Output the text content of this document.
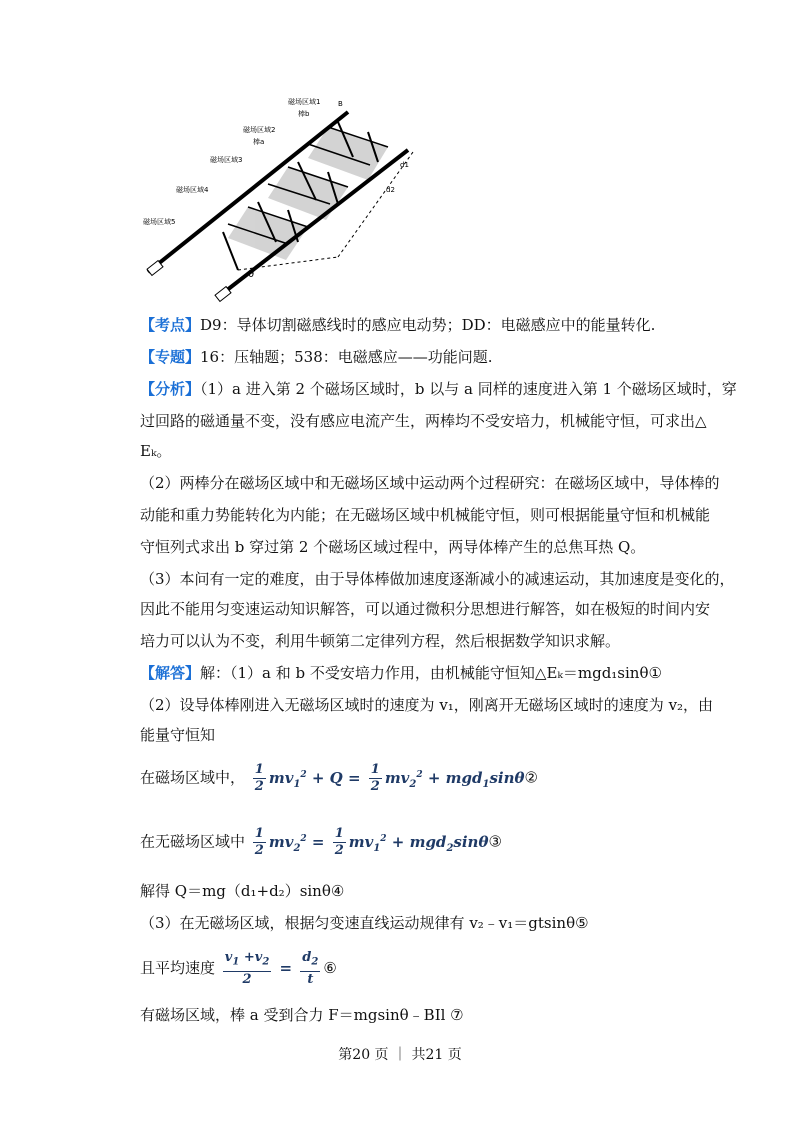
磁场区域1
磁场区域2
磁场区域3
磁场区域4
磁场区域5
棒b
棒a
B
d1
d2
θ
【考点】D9：导体切割磁感线时的感应电动势；DD：电磁感应中的能量转化.
【专题】16：压轴题；538：电磁感应——功能问题.
【分析】（1）a 进入第 2 个磁场区域时，b 以与 a 同样的速度进入第 1 个磁场区域时，穿
过回路的磁通量不变，没有感应电流产生，两棒均不受安培力，机械能守恒，可求出△
Eₖ。
（2）两棒分在磁场区域中和无磁场区域中运动两个过程研究：在磁场区域中，导体棒的
动能和重力势能转化为内能；在无磁场区域中机械能守恒，则可根据能量守恒和机械能
守恒列式求出 b 穿过第 2 个磁场区域过程中，两导体棒产生的总焦耳热 Q。
（3）本问有一定的难度，由于导体棒做加速度逐渐减小的减速运动，其加速度是变化的，
因此不能用匀变速运动知识解答，可以通过微积分思想进行解答，如在极短的时间内安
培力可以认为不变，利用牛顿第二定律列方程，然后根据数学知识求解。
【解答】解：（1）a 和 b 不受安培力作用，由机械能守恒知△Eₖ＝mgd₁sinθ①
（2）设导体棒刚进入无磁场区域时的速度为 v₁，刚离开无磁场区域时的速度为 v₂，由
能量守恒知
在磁场区域中， $\frac{1}{2} mv_1^2 + Q = \frac{1}{2} mv_2^2$ + mgd$_1$sinθ②
在无磁场区域中 $\frac{1}{2} mv_2^2 = \frac{1}{2} mv_1^2$ + mgd$_2$sinθ③
解得 Q＝mg（d₁+d₂）sinθ④
（3）在无磁场区域，根据匀变速直线运动规律有 v₂﹣v₁＝gtsinθ⑤
且平均速度 $\frac{v_1 +v_2}{2} = \frac{d_2}{t}$ ⑥
有磁场区域，棒 a 受到合力 F＝mgsinθ﹣BIl ⑦
第20 页 ｜ 共21 页
